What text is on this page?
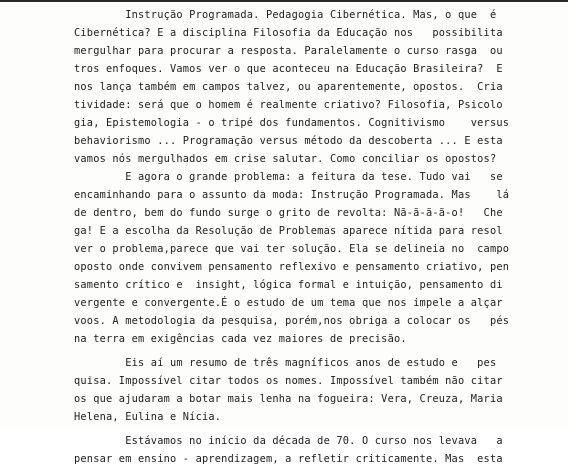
Instrução Programada. Pedagogia Cibernética. Mas, o que  é
Cibernética? E a disciplina Filosofia da Educação nos   possibilita
mergulhar para procurar a resposta. Paralelamente o curso rasga  ou
tros enfoques. Vamos ver o que aconteceu na Educação Brasileira?  E
nos lança também em campos talvez, ou aparentemente, opostos.  Cria
tividade: será que o homem é realmente criativo? Filosofia, Psicolo
gia, Epistemologia - o tripé dos fundamentos. Cognitivismo    versus
behaviorismo ... Programação versus método da descoberta ... E esta
vamos nós mergulhados em crise salutar. Como conciliar os opostos?
E agora o grande problema: a feitura da tese. Tudo vai   se
encaminhando para o assunto da moda: Instrução Programada. Mas    lá
de dentro, bem do fundo surge o grito de revolta: Nã-ã-ã-ã-o!   Che
ga! E a escolha da Resolução de Problemas aparece nítida para resol
ver o problema,parece que vai ter solução. Ela se delineia no  campo
oposto onde convivem pensamento reflexivo e pensamento criativo, pen
samento crítico e  insight, lógica formal e intuição, pensamento di
vergente e convergente.É o estudo de um tema que nos impele a alçar
voos. A metodologia da pesquisa, porém,nos obriga a colocar os   pés
na terra em exigências cada vez maiores de precisão.
Eis aí um resumo de três magníficos anos de estudo e   pes
quisa. Impossível citar todos os nomes. Impossível também não citar
os que ajudaram a botar mais lenha na fogueira: Vera, Creuza, Maria
Helena, Eulina e Nícia.
Estávamos no início da década de 70. O curso nos levava   a
pensar em ensino - aprendizagem, a refletir criticamente. Mas  esta
